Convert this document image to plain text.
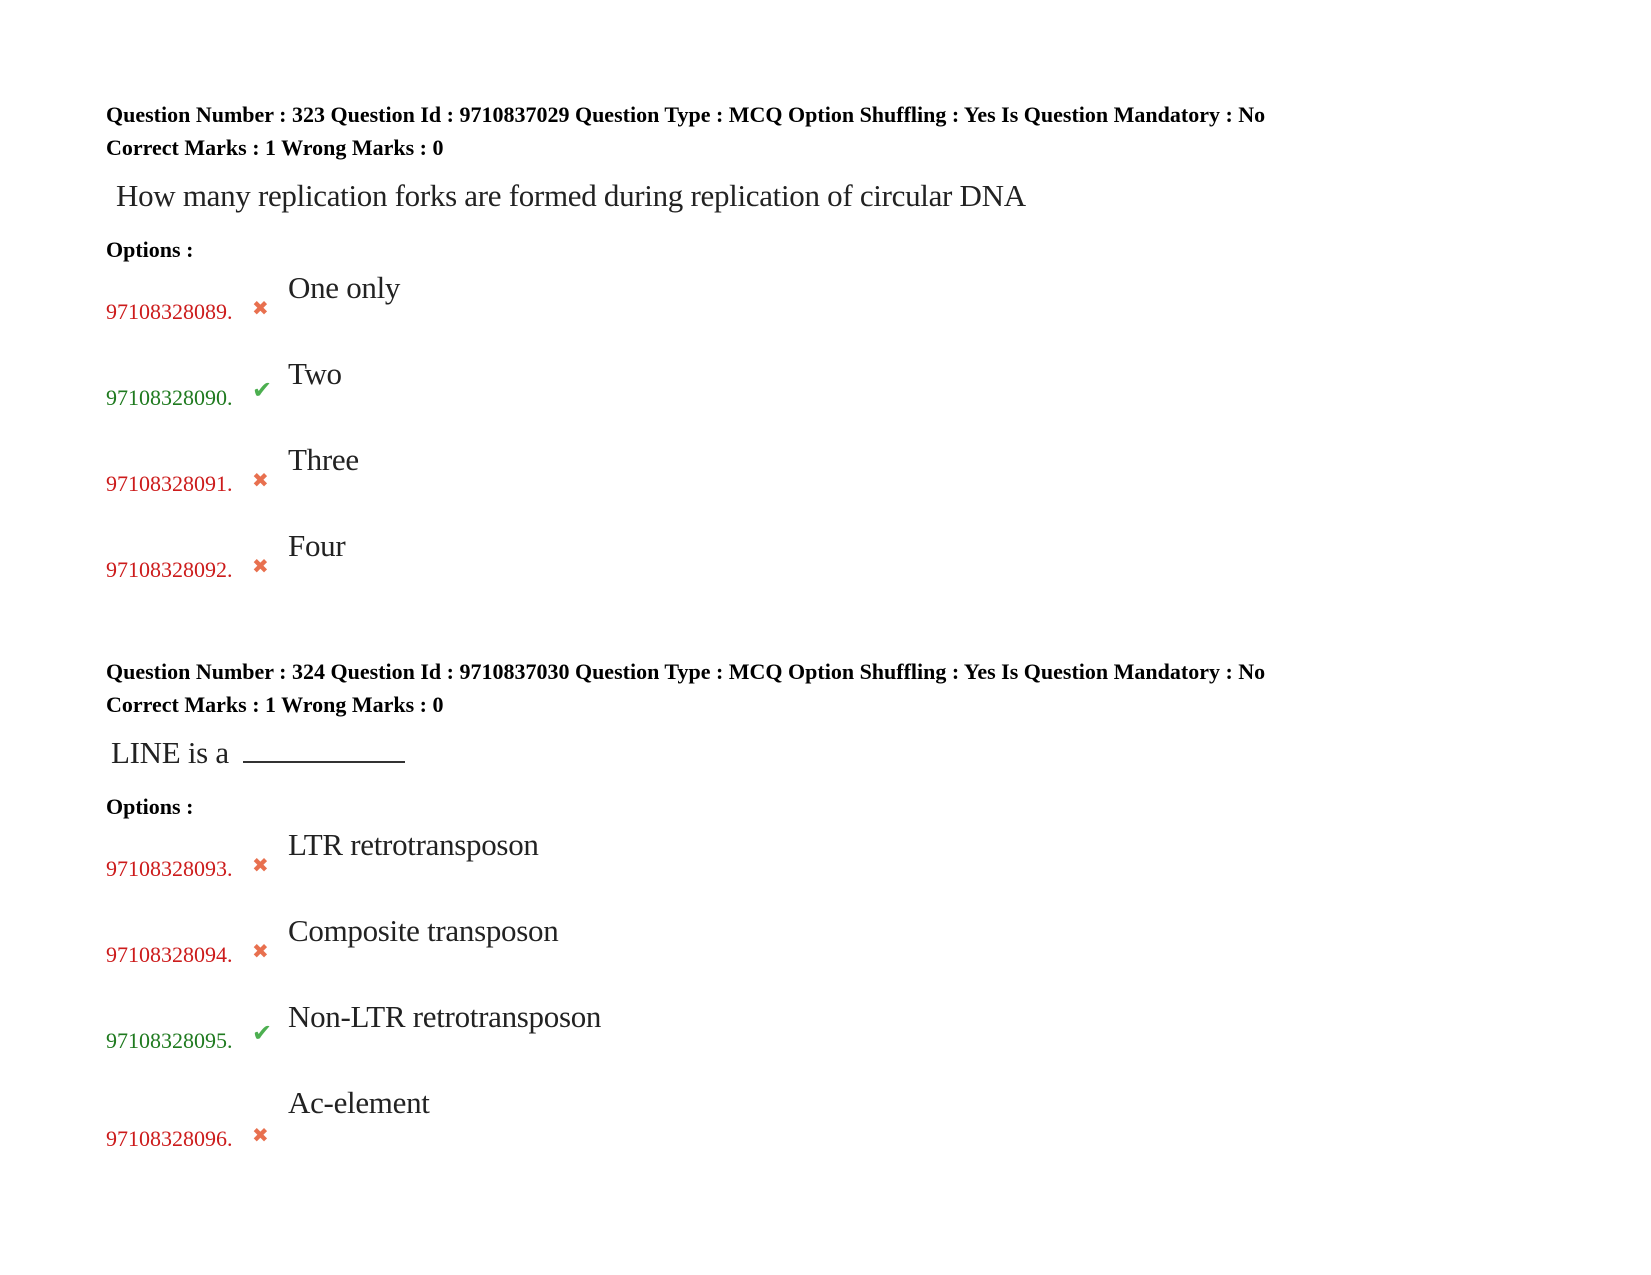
Question Number : 323 Question Id : 9710837029 Question Type : MCQ Option Shuffling : Yes Is Question Mandatory : No
Correct Marks : 1 Wrong Marks : 0
How many replication forks are formed during replication of circular DNA
Options :
97108328089. ✖
One only
97108328090. ✔ Two
97108328091. ✖
Three
97108328092. ✖
Four
Question Number : 324 Question Id : 9710837030 Question Type : MCQ Option Shuffling : Yes Is Question Mandatory : No
Correct Marks : 1 Wrong Marks : 0
LINE is a
Options :
97108328093. ✖
LTR retrotransposon
97108328094. ✖
Composite transposon
97108328095. ✔ Non-LTR retrotransposon
97108328096. ✖
Ac-element
